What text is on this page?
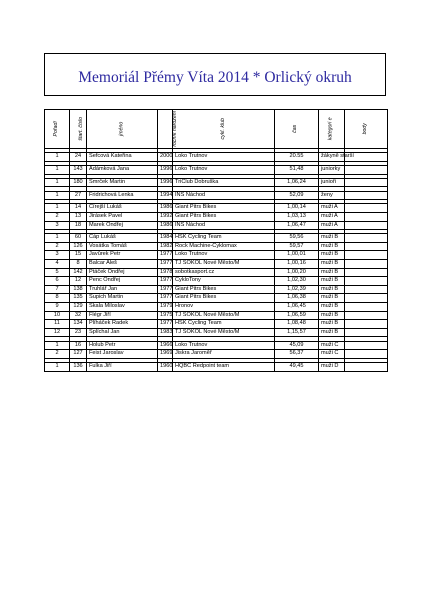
Memoriál Přémy Víta 2014 * Orlický okruh
Pořadí	štart. číslo	jméno	ročník narození	cykl. klub	čas	kategori e	body

1	24	Šefcová Kateřina	2000	Loko Trutnov	20.55	žákyně starší	

1	143	Adámková Jana	1996	Loko Trutnov	51,48	juniorky	

1	180	Smrček Martin	1996	TriClub Dobruška	1,06,24	junioři	

1	27	Fridrichová Lenka	1994	INS Náchod	52,09	ženy	

1	14	Čírejší Lukáš	1986	Giant Pitrs Bikes	1,00,14	muži A	
2	13	Jirásek Pavel	1992	Giant Pitrs Bikes	1,03,13	muži A	
3	18	Marek Ondřej	1986	INS Náchod	1,06,47	muži A	

1	60	Čáp Lukáš	1984	HSK Cycling Team	59,56	muži B	
2	126	Vosátka Tomáš	1982	Rock Machine-Cyklomax	59,57	muži B	
3	15	Javůrek Petr	1977	Loko Trutnov	1,00,01	muži B	
4	8	Balcar Aleš	1977	TJ SOKOL Nové Město/M	1,00,16	muži B	
5	142	Ptáček Ondřej	1978	sobotkasport.cz	1,00,20	muži B	
6	12	Penc Ondřej	1977	CykloTony	1,02,30	muži B	
7	138	Truhlář Jan	1977	Giant Pitrs Bikes	1,02,39	muži B	
8	135	Šupich Martin	1977	Giant Pitrs Bikes	1,06,38	muži B	
9	129	Skala Miloslav	1979	Hronov	1,06,45	muži B	
10	32	Flégr Jiří	1975	TJ SOKOL Nové Město/M	1,06,59	muži B	
11	134	Plíháček Radek	1977	HSK Cycling Team	1,08,48	muži B	
12	23	Splíchal Jan	1983	TJ SOKOL Nové Město/M	1,15,57	muži B	

1	16	Holub Petr	1966	Loko Trutnov	45,09	muži C	
2	127	Feist Jaroslav	1969	Jiskra Jaroměř	56,37	muži C	

1	136	Fulka Jiří	1960	HQBC Redpoint team	49,45	muži D	
